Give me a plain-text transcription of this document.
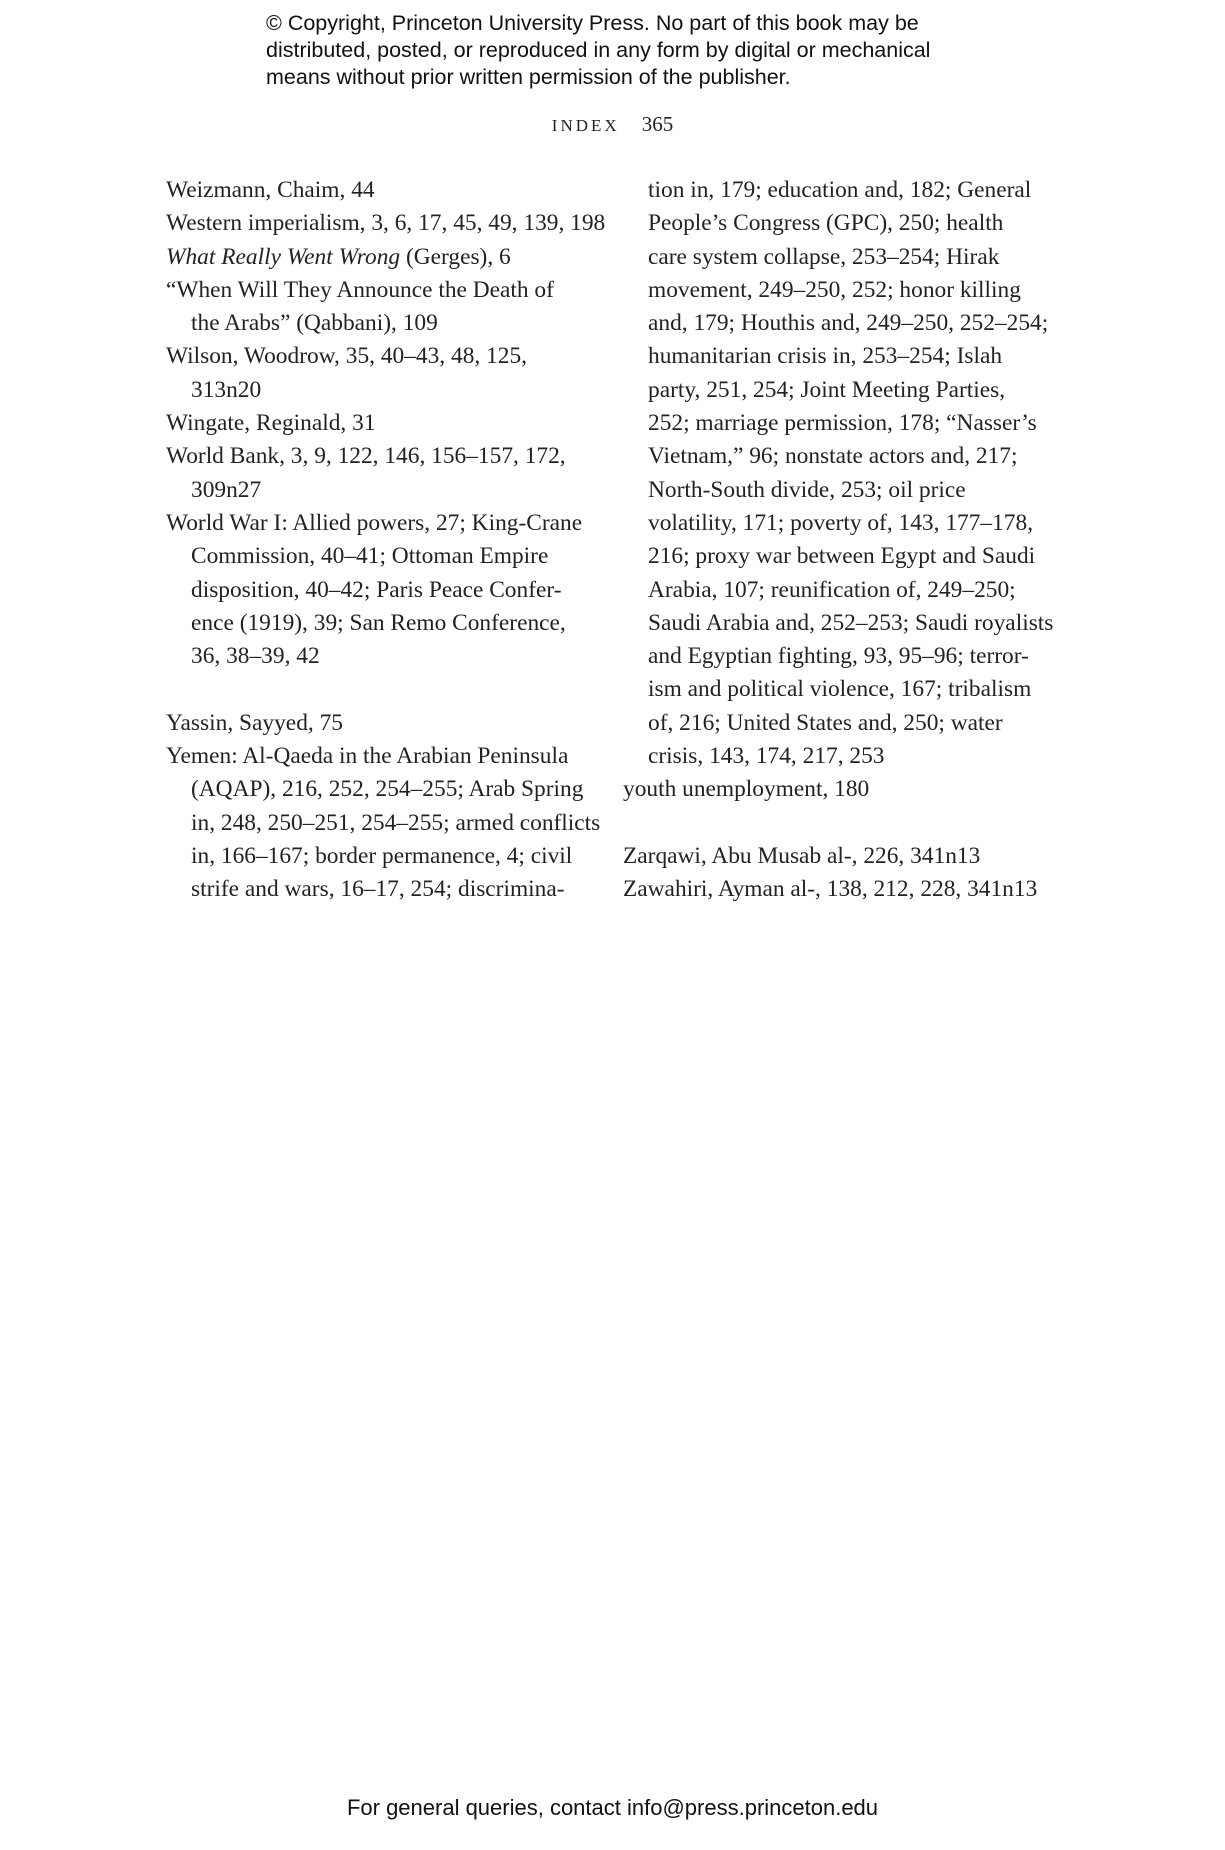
© Copyright, Princeton University Press. No part of this book may be
distributed, posted, or reproduced in any form by digital or mechanical
means without prior written permission of the publisher.
INDEX 365
Weizmann, Chaim, 44
Western imperialism, 3, 6, 17, 45, 49, 139, 198
What Really Went Wrong (Gerges), 6
“When Will They Announce the Death of
the Arabs” (Qabbani), 109
Wilson, Woodrow, 35, 40–43, 48, 125,
313n20
Wingate, Reginald, 31
World Bank, 3, 9, 122, 146, 156–157, 172,
309n27
World War I: Allied powers, 27; King-Crane
Commission, 40–41; Ottoman Empire
disposition, 40–42; Paris Peace Confer-
ence (1919), 39; San Remo Conference,
36, 38–39, 42
Yassin, Sayyed, 75
Yemen: Al-Qaeda in the Arabian Peninsula
(AQAP), 216, 252, 254–255; Arab Spring
in, 248, 250–251, 254–255; armed conflicts
in, 166–167; border permanence, 4; civil
strife and wars, 16–17, 254; discrimina-
tion in, 179; education and, 182; General
People’s Congress (GPC), 250; health
care system collapse, 253–254; Hirak
movement, 249–250, 252; honor killing
and, 179; Houthis and, 249–250, 252–254;
humanitarian crisis in, 253–254; Islah
party, 251, 254; Joint Meeting Parties,
252; marriage permission, 178; “Nasser’s
Vietnam,” 96; nonstate actors and, 217;
North-South divide, 253; oil price
volatility, 171; poverty of, 143, 177–178,
216; proxy war between Egypt and Saudi
Arabia, 107; reunification of, 249–250;
Saudi Arabia and, 252–253; Saudi royalists
and Egyptian fighting, 93, 95–96; terror-
ism and political violence, 167; tribalism
of, 216; United States and, 250; water
crisis, 143, 174, 217, 253
youth unemployment, 180
Zarqawi, Abu Musab al-, 226, 341n13
Zawahiri, Ayman al-, 138, 212, 228, 341n13
For general queries, contact info@press.princeton.edu
